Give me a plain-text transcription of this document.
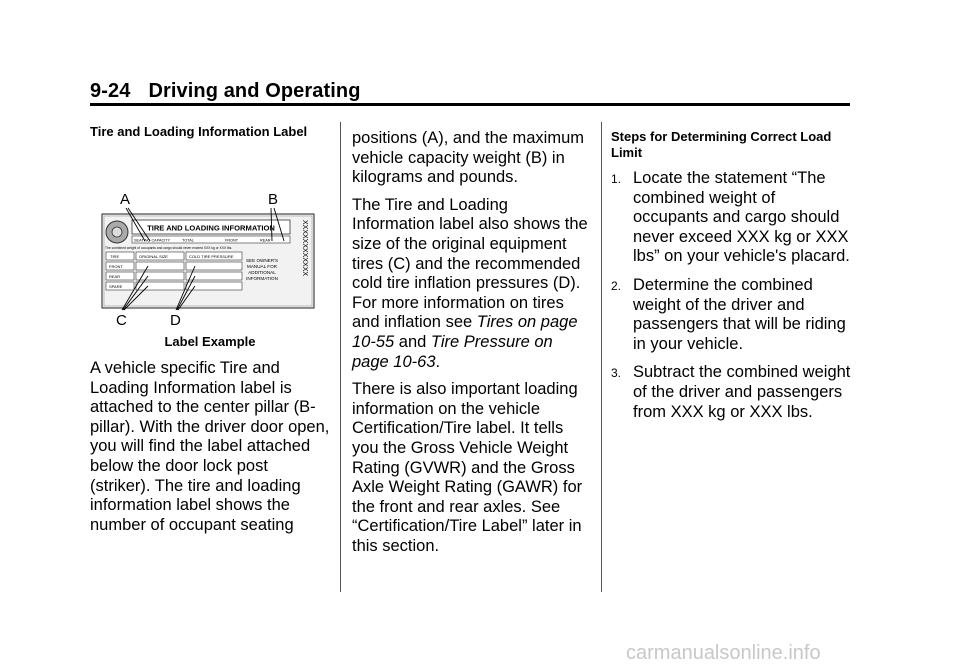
9-24 Driving and Operating
Tire and Loading Information Label
A	B
C	D
TIRE AND LOADING INFORMATION
SEATING CAPACITY	TOTAL	FRONT	REAR
The combined weight of occupants and cargo should never exceed XXX kg or XXX lbs.
TIRE	ORIGINAL SIZE	COLD TIRE PRESSURE
FRONT
REAR
SPARE
SEE OWNER'S
MANUAL FOR
ADDITIONAL
INFORMATION
XXXXXXXXXXXX
Label Example

A vehicle specific Tire and Loading Information label is attached to the center pillar (B-pillar). With the driver door open, you will find the label attached below the door lock post (striker). The tire and loading information label shows the number of occupant seating

positions (A), and the maximum vehicle capacity weight (B) in kilograms and pounds.

The Tire and Loading Information label also shows the size of the original equipment tires (C) and the recommended cold tire inflation pressures (D). For more information on tires and inflation see Tires on page 10-55 and Tire Pressure on page 10-63.

There is also important loading information on the vehicle Certification/Tire label. It tells you the Gross Vehicle Weight Rating (GVWR) and the Gross Axle Weight Rating (GAWR) for the front and rear axles. See “Certification/Tire Label” later in this section.

Steps for Determining Correct Load Limit
1. Locate the statement “The combined weight of occupants and cargo should never exceed XXX kg or XXX lbs” on your vehicle's placard.
2. Determine the combined weight of the driver and passengers that will be riding in your vehicle.
3. Subtract the combined weight of the driver and passengers from XXX kg or XXX lbs.
carmanualsonline.info
